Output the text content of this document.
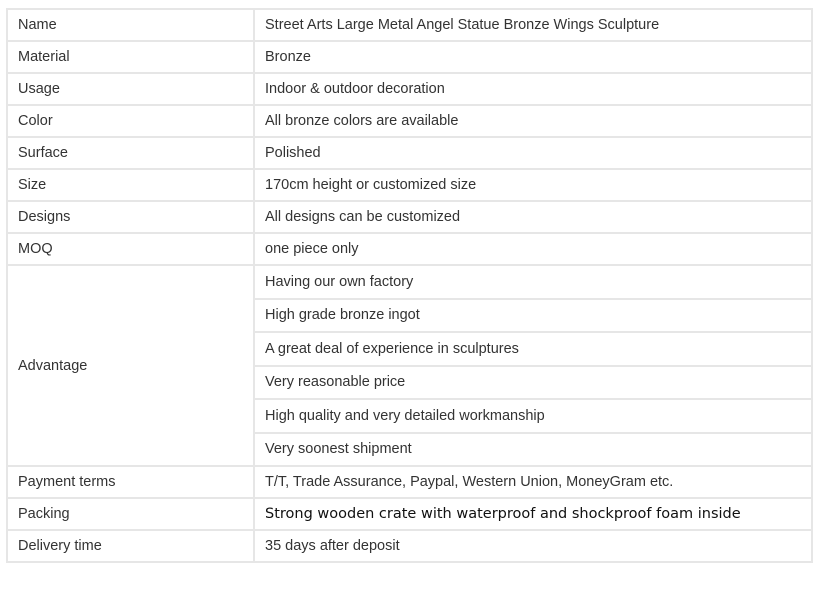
Name	Street Arts Large Metal Angel Statue Bronze Wings Sculpture
Material	Bronze
Usage	Indoor & outdoor decoration
Color	All bronze colors are available
Surface	Polished
Size	170cm height or customized size
Designs	All designs can be customized
MOQ	one piece only
Advantage	Having our own factory
	High grade bronze ingot
	A great deal of experience in sculptures
	Very reasonable price
	High quality and very detailed workmanship
	Very soonest shipment
Payment terms	T/T, Trade Assurance, Paypal, Western Union, MoneyGram etc.
Packing	Strong wooden crate with waterproof and shockproof foam inside
Delivery time	35 days after deposit
